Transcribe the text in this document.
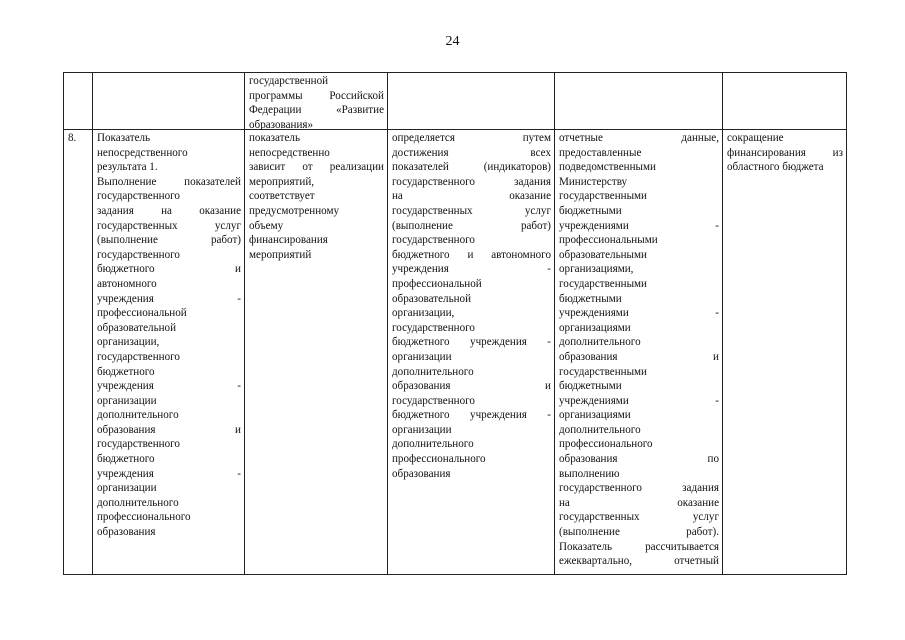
24
государственной
программы Российской
Федерации «Развитие
образования»
8.	Показатель
непосредственного
результата 1.
Выполнение показателей
государственного
задания на оказание
государственных услуг
(выполнение работ)
государственного
бюджетного и
автономного
учреждения -
профессиональной
образовательной
организации,
государственного
бюджетного
учреждения -
организации
дополнительного
образования и
государственного
бюджетного
учреждения -
организации
дополнительного
профессионального
образования
показатель
непосредственно
зависит от реализации
мероприятий,
соответствует
предусмотренному
объему
финансирования
мероприятий
определяется путем
достижения всех
показателей (индикаторов)
государственного задания
на оказание
государственных услуг
(выполнение работ)
государственного
бюджетного и автономного
учреждения -
профессиональной
образовательной
организации,
государственного
бюджетного учреждения -
организации
дополнительного
образования и
государственного
бюджетного учреждения -
организации
дополнительного
профессионального
образования
отчетные данные,
предоставленные
подведомственными
Министерству
государственными
бюджетными
учреждениями -
профессиональными
образовательными
организациями,
государственными
бюджетными
учреждениями -
организациями
дополнительного
образования и
государственными
бюджетными
учреждениями -
организациями
дополнительного
профессионального
образования по
выполнению
государственного задания
на оказание
государственных услуг
(выполнение работ).
Показатель рассчитывается
ежеквартально, отчетный
сокращение
финансирования из
областного бюджета
